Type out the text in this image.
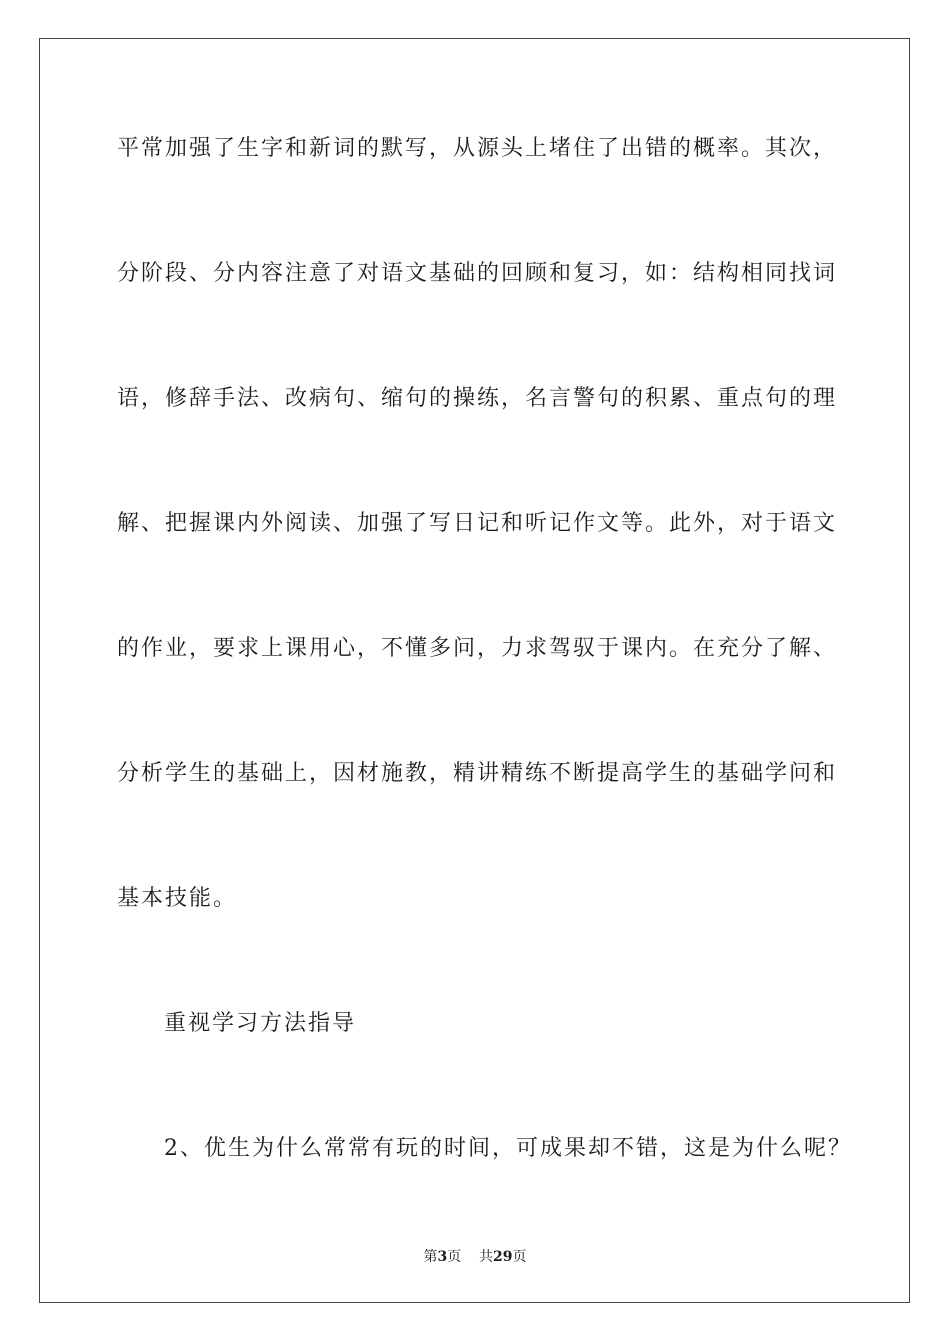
平常加强了生字和新词的默写，从源头上堵住了出错的概率。其次，
分阶段、分内容注意了对语文基础的回顾和复习，如：结构相同找词
语，修辞手法、改病句、缩句的操练，名言警句的积累、重点句的理
解、把握课内外阅读、加强了写日记和听记作文等。此外，对于语文
的作业，要求上课用心，不懂多问，力求驾驭于课内。在充分了解、
分析学生的基础上，因材施教，精讲精练不断提高学生的基础学问和
基本技能。
重视学习方法指导
2、优生为什么常常有玩的时间，可成果却不错，这是为什么呢？
第3页 共29页
